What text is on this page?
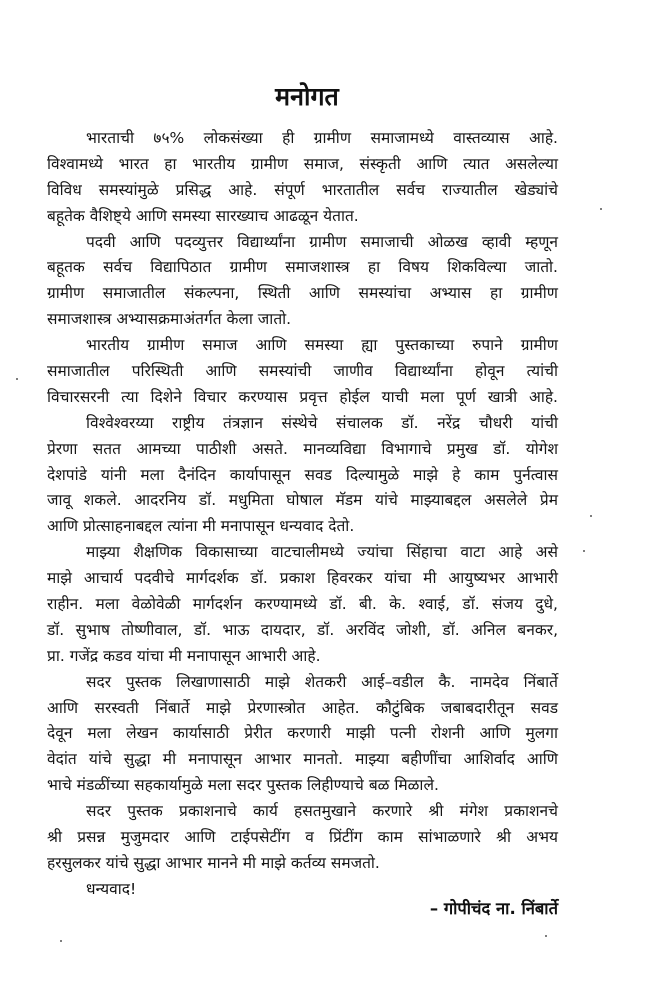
मनोगत
भारताची ७५% लोकसंख्या ही ग्रामीण समाजामध्ये वास्तव्यास आहे.
विश्वामध्ये भारत हा भारतीय ग्रामीण समाज, संस्कृती आणि त्यात असलेल्या
विविध समस्यांमुळे प्रसिद्ध आहे. संपूर्ण भारतातील सर्वच राज्यातील खेड्यांचे
बहूतेक वैशिष्ट्ये आणि समस्या सारख्याच आढळून येतात.
पदवी आणि पदव्युत्तर विद्यार्थ्यांना ग्रामीण समाजाची ओळख व्हावी म्हणून
बहूतक सर्वच विद्यापिठात ग्रामीण समाजशास्त्र हा विषय शिकविल्या जातो.
ग्रामीण समाजातील संकल्पना, स्थिती आणि समस्यांचा अभ्यास हा ग्रामीण
समाजशास्त्र अभ्यासक्रमाअंतर्गत केला जातो.
भारतीय ग्रामीण समाज आणि समस्या ह्या पुस्तकाच्या रुपाने ग्रामीण
समाजातील परिस्थिती आणि समस्यांची जाणीव विद्यार्थ्यांना होवून त्यांची
विचारसरनी त्या दिशेने विचार करण्यास प्रवृत्त होईल याची मला पूर्ण खात्री आहे.
विश्वेश्वरय्या राष्ट्रीय तंत्रज्ञान संस्थेचे संचालक डॉ. नरेंद्र चौधरी यांची
प्रेरणा सतत आमच्या पाठीशी असते. मानव्यविद्या विभागाचे प्रमुख डॉ. योगेश
देशपांडे यांनी मला दैनंदिन कार्यापासून सवड दिल्यामुळे माझे हे काम पुर्नत्वास
जावू शकले. आदरनिय डॉ. मधुमिता घोषाल मॅडम यांचे माझ्याबद्दल असलेले प्रेम
आणि प्रोत्साहनाबद्दल त्यांना मी मनापासून धन्यवाद देतो.
माझ्या शैक्षणिक विकासाच्या वाटचालीमध्ये ज्यांचा सिंहाचा वाटा आहे असे
माझे आचार्य पदवीचे मार्गदर्शक डॉ. प्रकाश हिवरकर यांचा मी आयुष्यभर आभारी
राहीन. मला वेळोवेळी मार्गदर्शन करण्यामध्ये डॉ. बी. के. श्वाई, डॉ. संजय दुधे,
डॉ. सुभाष तोष्णीवाल, डॉ. भाऊ दायदार, डॉ. अरविंद जोशी, डॉ. अनिल बनकर,
प्रा. गजेंद्र कडव यांचा मी मनापासून आभारी आहे.
सदर पुस्तक लिखाणासाठी माझे शेतकरी आई–वडील कै. नामदेव निंबार्ते
आणि सरस्वती निंबार्ते माझे प्रेरणास्त्रोत आहेत. कौटुंबिक जबाबदारीतून सवड
देवून मला लेखन कार्यासाठी प्रेरीत करणारी माझी पत्नी रोशनी आणि मुलगा
वेदांत यांचे सुद्धा मी मनापासून आभार मानतो. माझ्या बहीणींचा आशिर्वाद आणि
भाचे मंडळींच्या सहकार्यामुळे मला सदर पुस्तक लिहीण्याचे बळ मिळाले.
सदर पुस्तक प्रकाशनाचे कार्य हसतमुखाने करणारे श्री मंगेश प्रकाशनचे
श्री प्रसन्न मुजुमदार आणि टाईपसेटींग व प्रिंटींग काम सांभाळणारे श्री अभय
हरसुलकर यांचे सुद्धा आभार मानने मी माझे कर्तव्य समजतो.
धन्यवाद!
– गोपीचंद ना. निंबार्ते
